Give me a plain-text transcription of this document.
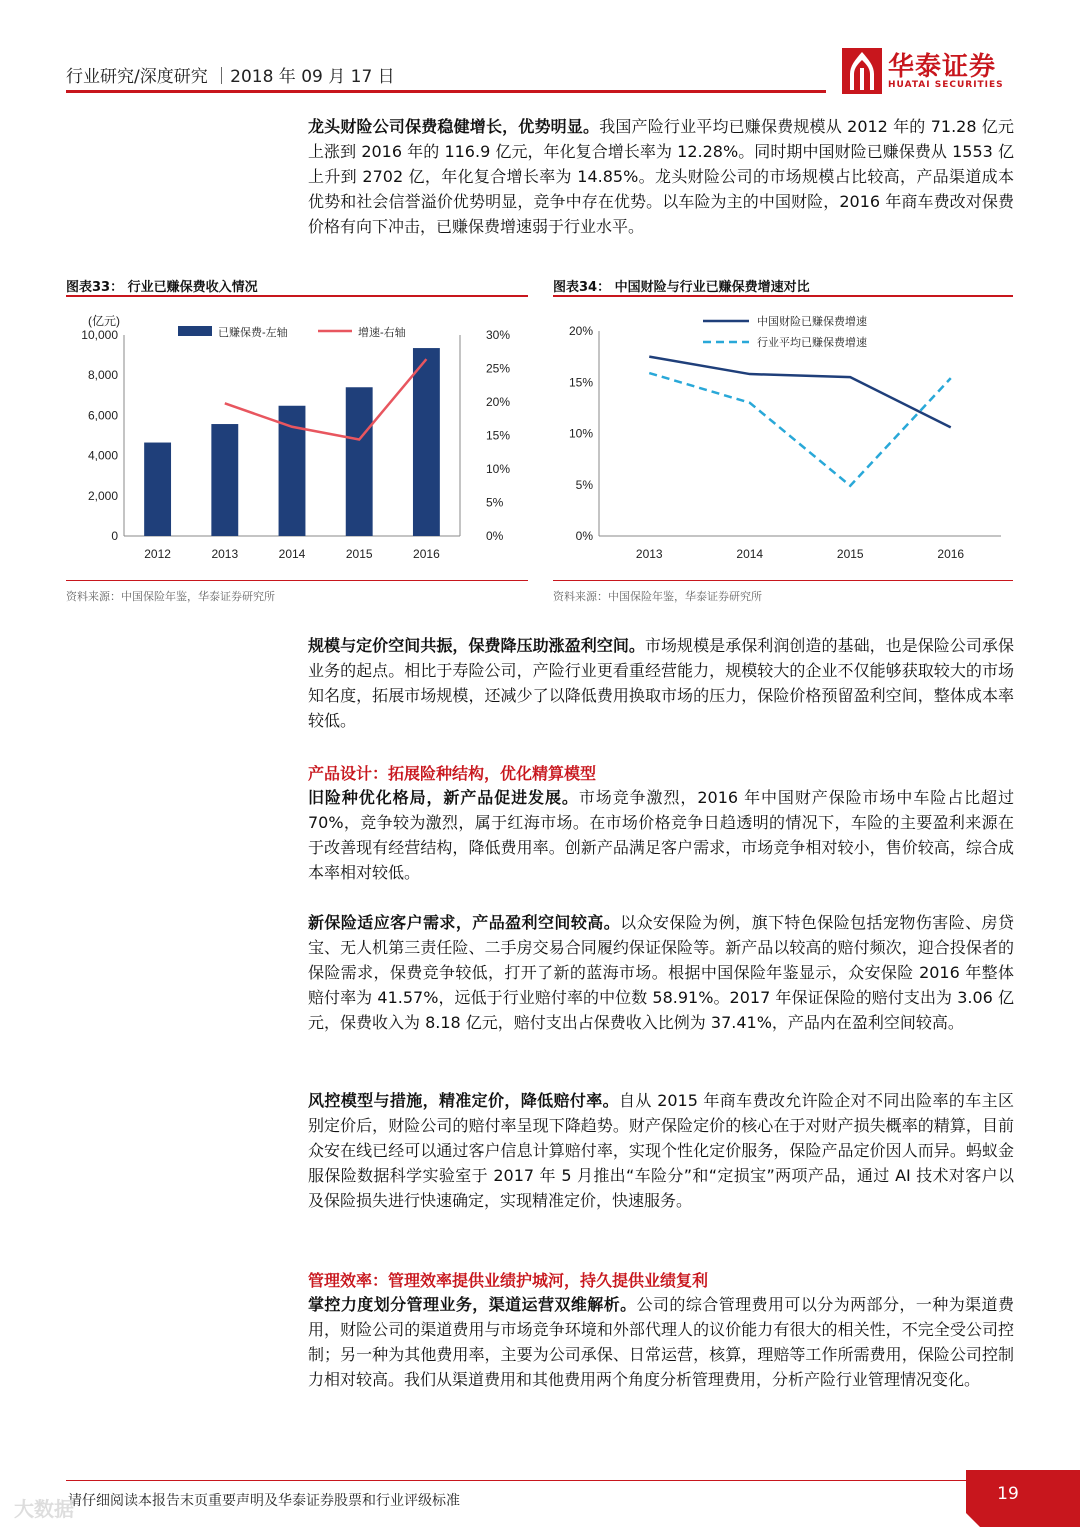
行业研究/深度研究 ｜2018 年 09 月 17 日	华泰证券
HUATAI SECURITIES

龙头财险公司保费稳健增长，优势明显。我国产险行业平均已赚保费规模从 2012 年的 71.28 亿元上涨到 2016 年的 116.9 亿元，年化复合增长率为 12.28%。同时期中国财险已赚保费从 1553 亿上升到 2702 亿，年化复合增长率为 14.85%。龙头财险公司的市场规模占比较高，产品渠道成本优势和社会信誉溢价优势明显，竞争中存在优势。以车险为主的中国财险，2016 年商车费改对保费价格有向下冲击，已赚保费增速弱于行业水平。

图表33： 行业已赚保费收入情况
(亿元)
0
2,000
4,000
6,000
8,000
10,000
0%
5%
10%
15%
20%
25%
30%
2012	2013	2014	2015	2016
已赚保费-左轴	增速-右轴
资料来源：中国保险年鉴，华泰证券研究所
图表34： 中国财险与行业已赚保费增速对比
0%
5%
10%
15%
20%
中国财险已赚保费增速
行业平均已赚保费增速
2013	2014	2015	2016
资料来源：中国保险年鉴，华泰证券研究所

规模与定价空间共振，保费降压助涨盈利空间。市场规模是承保利润创造的基础，也是保险公司承保业务的起点。相比于寿险公司，产险行业更看重经营能力，规模较大的企业不仅能够获取较大的市场知名度，拓展市场规模，还减少了以降低费用换取市场的压力，保险价格预留盈利空间，整体成本率较低。

产品设计：拓展险种结构，优化精算模型

旧险种优化格局，新产品促进发展。市场竞争激烈，2016 年中国财产保险市场中车险占比超过 70%，竞争较为激烈，属于红海市场。在市场价格竞争日趋透明的情况下，车险的主要盈利来源在于改善现有经营结构，降低费用率。创新产品满足客户需求，市场竞争相对较小，售价较高，综合成本率相对较低。

新保险适应客户需求，产品盈利空间较高。以众安保险为例，旗下特色保险包括宠物伤害险、房贷宝、无人机第三责任险、二手房交易合同履约保证保险等。新产品以较高的赔付频次，迎合投保者的保险需求，保费竞争较低，打开了新的蓝海市场。根据中国保险年鉴显示，众安保险 2016 年整体赔付率为 41.57%，远低于行业赔付率的中位数 58.91%。2017 年保证保险的赔付支出为 3.06 亿元，保费收入为 8.18 亿元，赔付支出占保费收入比例为 37.41%，产品内在盈利空间较高。

风控模型与措施，精准定价，降低赔付率。自从 2015 年商车费改允许险企对不同出险率的车主区别定价后，财险公司的赔付率呈现下降趋势。财产保险定价的核心在于对财产损失概率的精算，目前众安在线已经可以通过客户信息计算赔付率，实现个性化定价服务，保险产品定价因人而异。蚂蚁金服保险数据科学实验室于 2017 年 5 月推出“车险分”和“定损宝”两项产品，通过 AI 技术对客户以及保险损失进行快速确定，实现精准定价，快速服务。

管理效率：管理效率提供业绩护城河，持久提供业绩复利

掌控力度划分管理业务，渠道运营双维解析。公司的综合管理费用可以分为两部分，一种为渠道费用，财险公司的渠道费用与市场竞争环境和外部代理人的议价能力有很大的相关性，不完全受公司控制；另一种为其他费用率，主要为公司承保、日常运营，核算，理赔等工作所需费用，保险公司控制力相对较高。我们从渠道费用和其他费用两个角度分析管理费用，分析产险行业管理情况变化。

请仔细阅读本报告末页重要声明及华泰证券股票和行业评级标准	19
大数据
